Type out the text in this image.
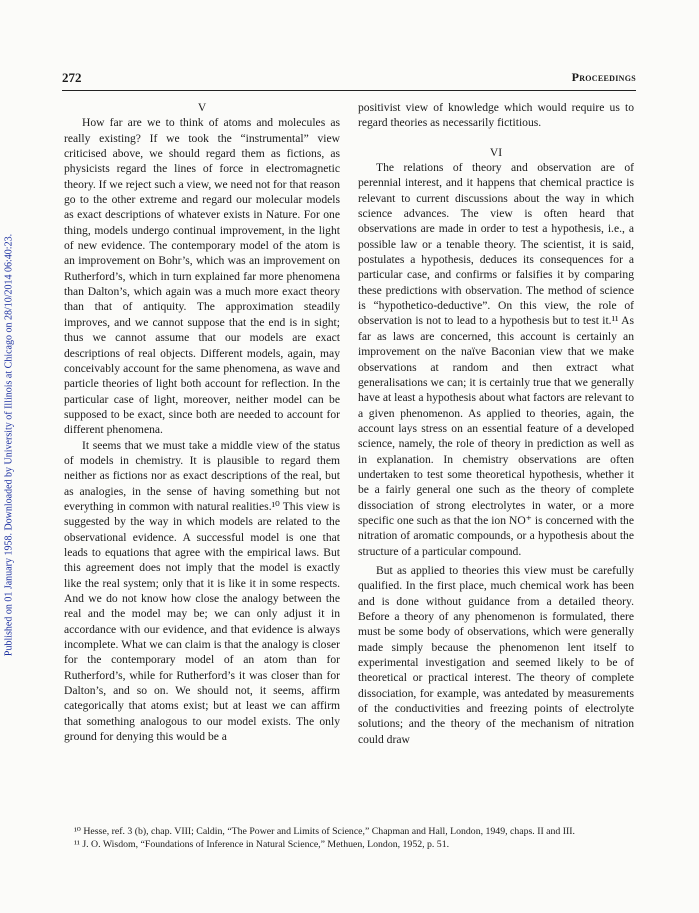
Published on 01 January 1958. Downloaded by University of Illinois at Chicago on 28/10/2014 06:40:23.
272	Proceedings

V

How far are we to think of atoms and molecules as really existing? If we took the “instrumental” view criticised above, we should regard them as fictions, as physicists regard the lines of force in electromagnetic theory. If we reject such a view, we need not for that reason go to the other extreme and regard our molecular models as exact descriptions of whatever exists in Nature. For one thing, models undergo continual improvement, in the light of new evidence. The contemporary model of the atom is an improvement on Bohr’s, which was an improvement on Rutherford’s, which in turn explained far more phenomena than Dalton’s, which again was a much more exact theory than that of antiquity. The approximation steadily improves, and we cannot suppose that the end is in sight; thus we cannot assume that our models are exact descriptions of real objects. Different models, again, may conceivably account for the same phenomena, as wave and particle theories of light both account for reflection. In the particular case of light, moreover, neither model can be supposed to be exact, since both are needed to account for different phenomena.

It seems that we must take a middle view of the status of models in chemistry. It is plausible to regard them neither as fictions nor as exact descriptions of the real, but as analogies, in the sense of having something but not everything in common with natural realities.¹⁰ This view is suggested by the way in which models are related to the observational evidence. A successful model is one that leads to equations that agree with the empirical laws. But this agreement does not imply that the model is exactly like the real system; only that it is like it in some respects. And we do not know how close the analogy between the real and the model may be; we can only adjust it in accordance with our evidence, and that evidence is always incomplete. What we can claim is that the analogy is closer for the contemporary model of an atom than for Rutherford’s, while for Rutherford’s it was closer than for Dalton’s, and so on. We should not, it seems, affirm categorically that atoms exist; but at least we can affirm that something analogous to our model exists. The only ground for denying this would be a

positivist view of knowledge which would require us to regard theories as necessarily fictitious.

VI

The relations of theory and observation are of perennial interest, and it happens that chemical practice is relevant to current discussions about the way in which science advances. The view is often heard that observations are made in order to test a hypothesis, i.e., a possible law or a tenable theory. The scientist, it is said, postulates a hypothesis, deduces its consequences for a particular case, and confirms or falsifies it by comparing these predictions with observation. The method of science is “hypothetico-deductive”. On this view, the role of observation is not to lead to a hypothesis but to test it.¹¹ As far as laws are concerned, this account is certainly an improvement on the naïve Baconian view that we make observations at random and then extract what generalisations we can; it is certainly true that we generally have at least a hypothesis about what factors are relevant to a given phenomenon. As applied to theories, again, the account lays stress on an essential feature of a developed science, namely, the role of theory in prediction as well as in explanation. In chemistry observations are often undertaken to test some theoretical hypothesis, whether it be a fairly general one such as the theory of complete dissociation of strong electrolytes in water, or a more specific one such as that the ion NO⁺ is concerned with the nitration of aromatic compounds, or a hypothesis about the structure of a particular compound.

But as applied to theories this view must be carefully qualified. In the first place, much chemical work has been and is done without guidance from a detailed theory. Before a theory of any phenomenon is formulated, there must be some body of observations, which were generally made simply because the phenomenon lent itself to experimental investigation and seemed likely to be of theoretical or practical interest. The theory of complete dissociation, for example, was antedated by measurements of the conductivities and freezing points of electrolyte solutions; and the theory of the mechanism of nitration could draw

¹⁰ Hesse, ref. 3 (b), chap. VIII; Caldin, “The Power and Limits of Science,” Chapman and Hall, London, 1949, chaps. II and III.

¹¹ J. O. Wisdom, “Foundations of Inference in Natural Science,” Methuen, London, 1952, p. 51.
